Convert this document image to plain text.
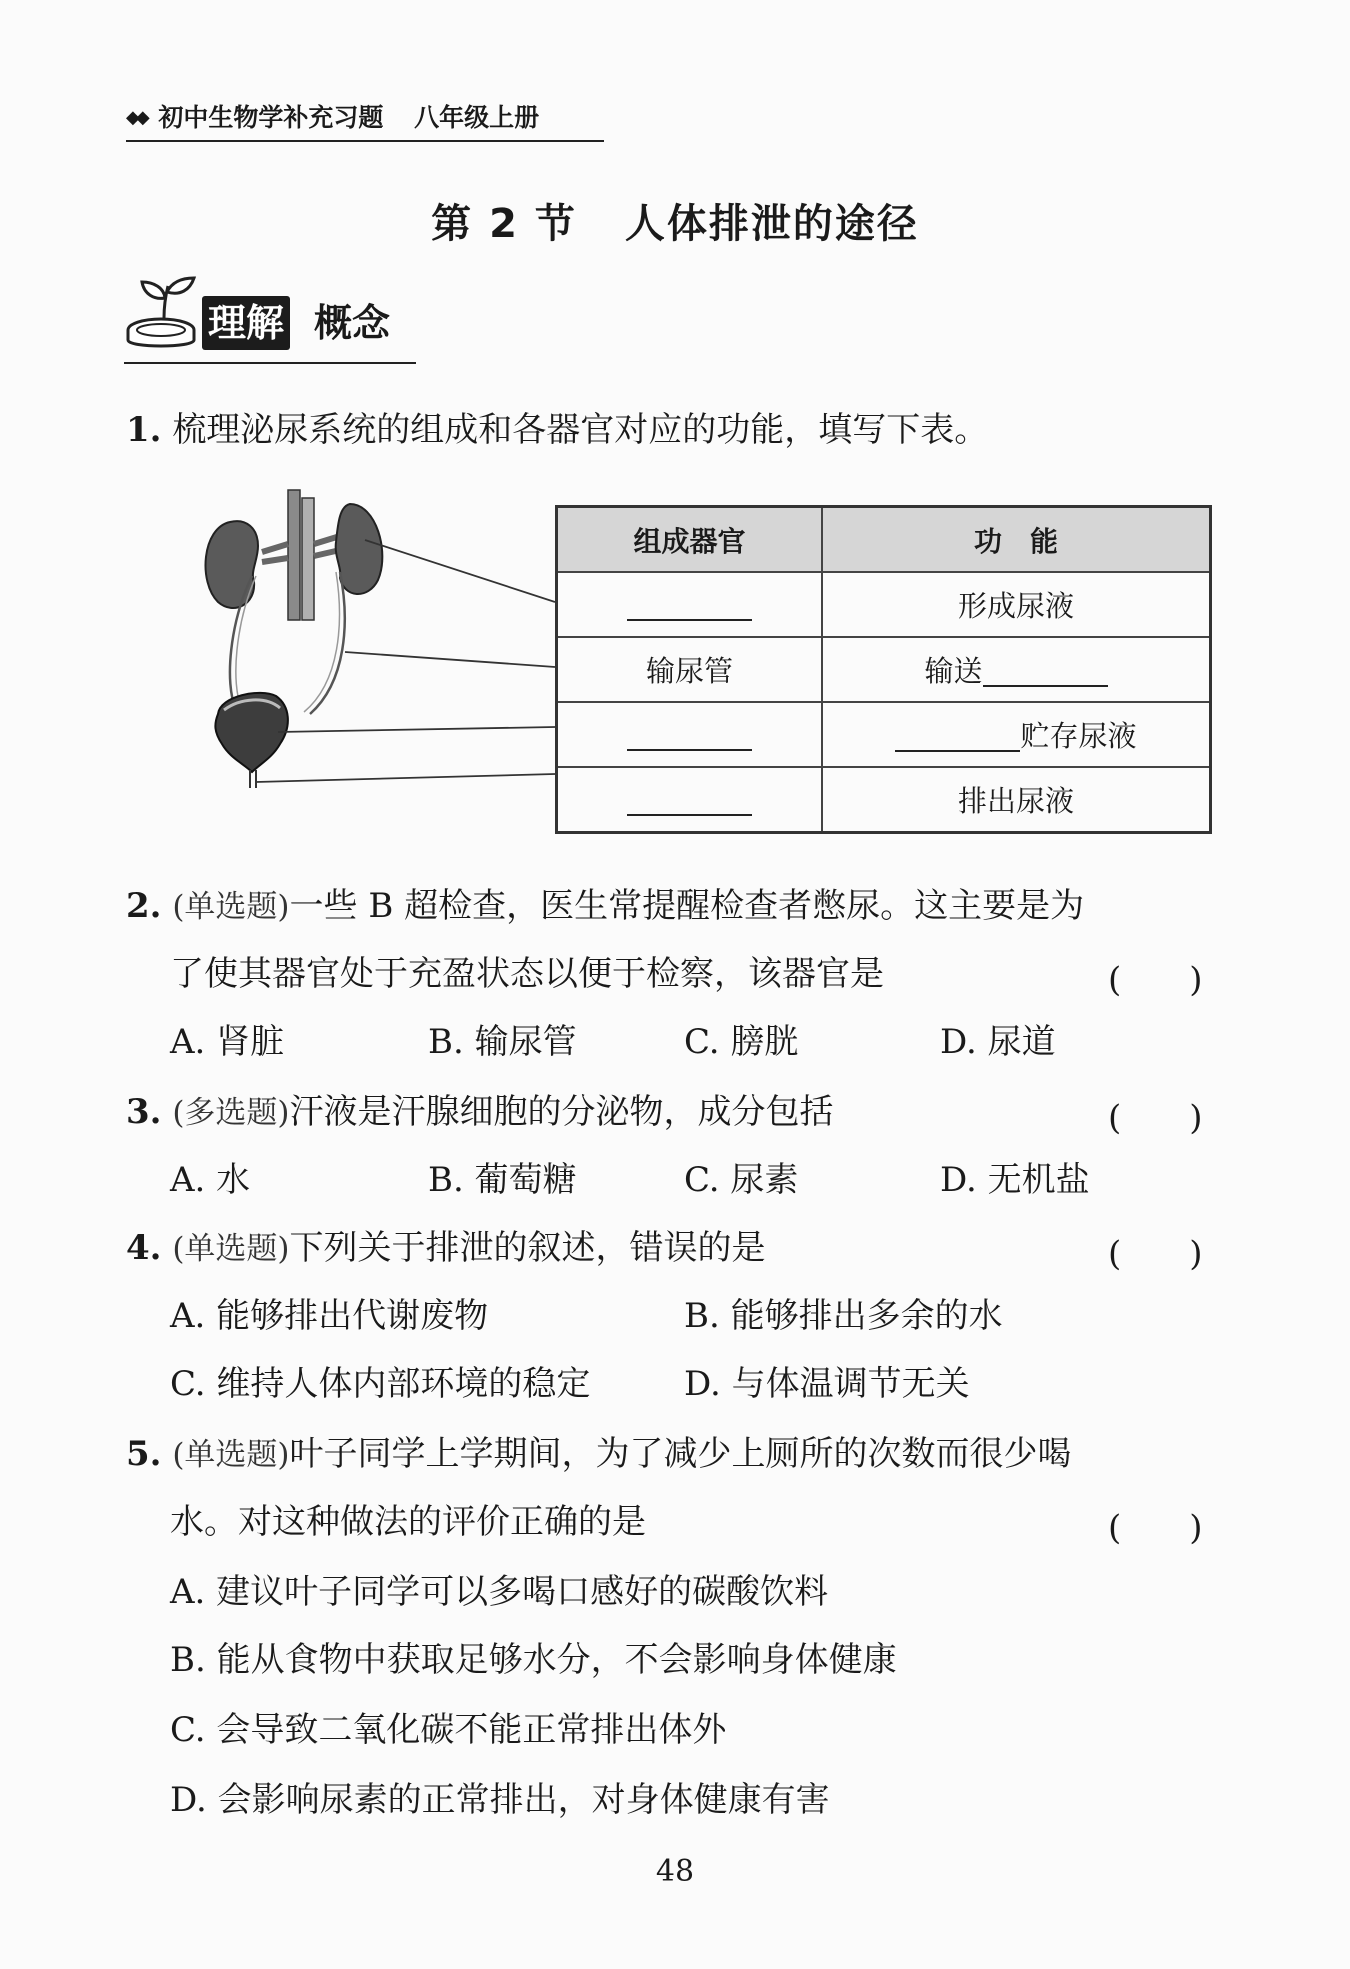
◆◆ 初中生物学补充习题 八年级上册
第 2 节 人体排泄的途径
理解 概念
1. 梳理泌尿系统的组成和各器官对应的功能，填写下表。
组成器官	功　能
	形成尿液
输尿管	输送
	贮存尿液
	排出尿液
2. (单选题)一些 B 超检查，医生常提醒检查者憋尿。这主要是为
了使其器官处于充盈状态以便于检察，该器官是	(　　)
A. 肾脏	B. 输尿管	C. 膀胱	D. 尿道
3. (多选题)汗液是汗腺细胞的分泌物，成分包括	(　　)
A. 水	B. 葡萄糖	C. 尿素	D. 无机盐
4. (单选题)下列关于排泄的叙述，错误的是	(　　)
A. 能够排出代谢废物	B. 能够排出多余的水
C. 维持人体内部环境的稳定	D. 与体温调节无关
5. (单选题)叶子同学上学期间，为了减少上厕所的次数而很少喝
水。对这种做法的评价正确的是	(　　)
A. 建议叶子同学可以多喝口感好的碳酸饮料
B. 能从食物中获取足够水分，不会影响身体健康
C. 会导致二氧化碳不能正常排出体外
D. 会影响尿素的正常排出，对身体健康有害
48
